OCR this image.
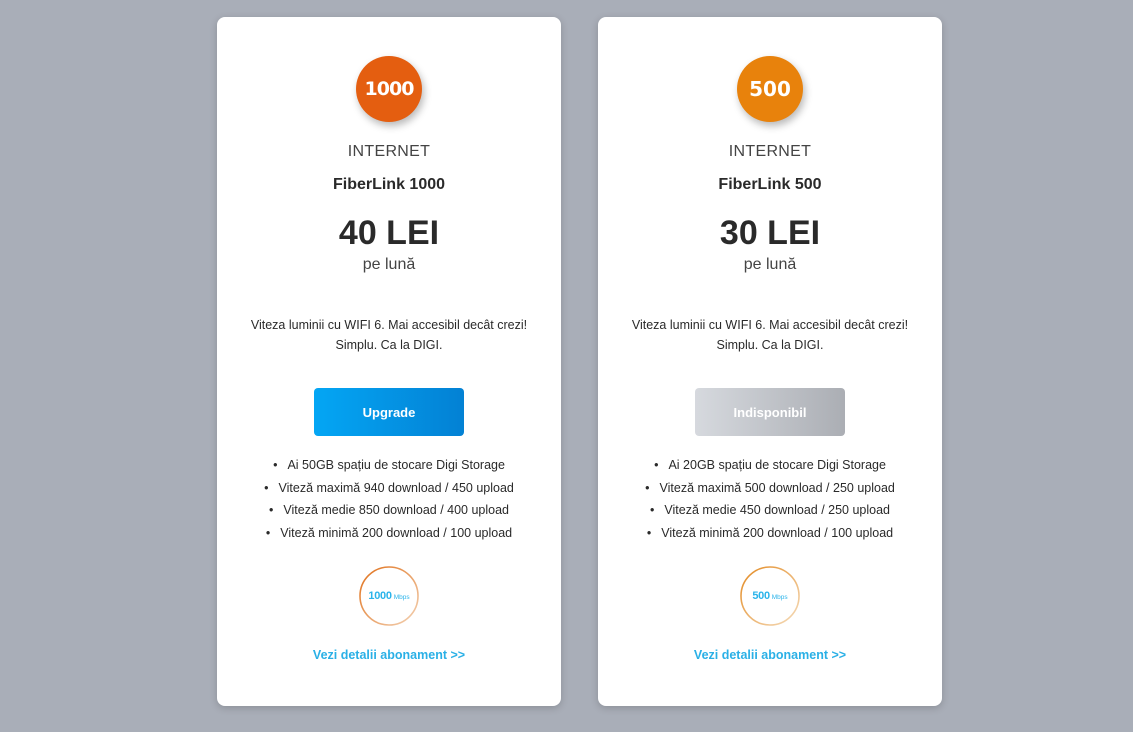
1000
INTERNET
FiberLink 1000
40 LEI
pe lună
Viteza luminii cu WIFI 6. Mai accesibil decât crezi!
Simplu. Ca la DIGI.
Upgrade
• Ai 50GB spațiu de stocare Digi Storage
• Viteză maximă 940 download / 450 upload
• Viteză medie 850 download / 400 upload
• Viteză minimă 200 download / 100 upload
1000 Mbps
Vezi detalii abonament >>
500
INTERNET
FiberLink 500
30 LEI
pe lună
Viteza luminii cu WIFI 6. Mai accesibil decât crezi!
Simplu. Ca la DIGI.
Indisponibil
• Ai 20GB spațiu de stocare Digi Storage
• Viteză maximă 500 download / 250 upload
• Viteză medie 450 download / 250 upload
• Viteză minimă 200 download / 100 upload
500 Mbps
Vezi detalii abonament >>
